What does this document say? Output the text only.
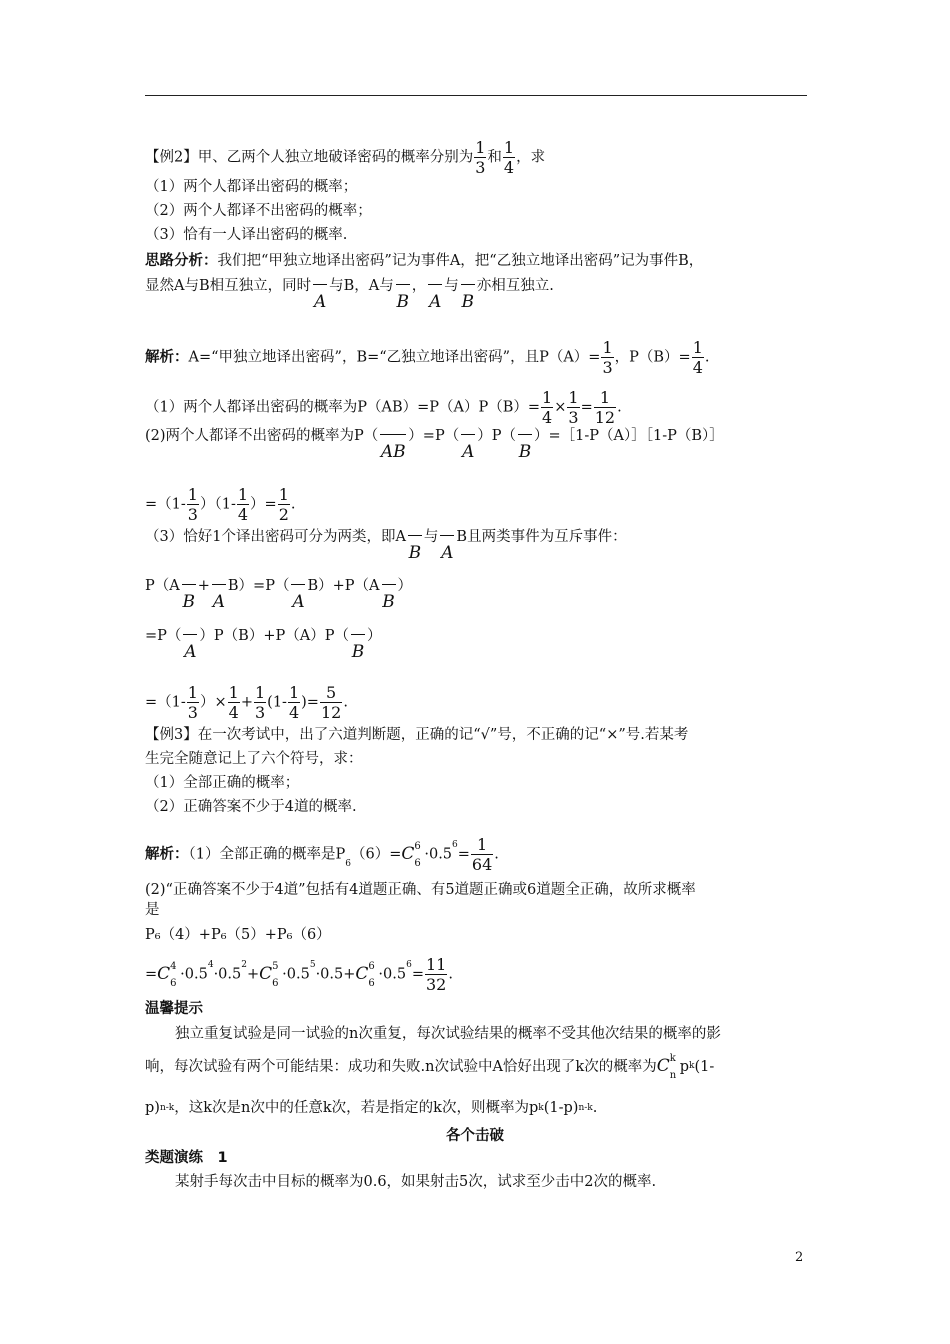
【例2】甲、乙两个人独立地破译密码的概率分别为 $\frac{1}{3}$ 和 $\frac{1}{4}$ ，求
（1）两个人都译出密码的概率；
（2）两个人都译不出密码的概率；
（3）恰有一人译出密码的概率.
思路分析：我们把“甲独立地译出密码”记为事件A，把“乙独立地译出密码”记为事件B，
显然A与B相互独立，同时
A
与B，A与
B
，
A
与
B
亦相互独立.
解析：A=“甲独立地译出密码”，B=“乙独立地译出密码”，且$P(A)= \frac{1}{3}$ ，$P(B)= \frac{1}{4}$ .
（1）两个人都译出密码的概率为$P(AB)=P(A)P(B)= \frac{1}{4} \times \frac{1}{3} = \frac{1}{12}$ .
(2)两个人都译不出密码的概率为P（
AB
）=P（
A
）P（
B
）=［1-P（A）］［1-P（B）］
$=(1- \frac{1}{3} )(1- \frac{1}{4}$ ）= $\frac{1}{2}$ .
（3）恰好1个译出密码可分为两类，即A
B
与
A
B且两类事件为互斥事件：
P（A
B
+
A
B）=P（
A
B）+P（A
B
）
=P（
A
）P（B）+P（A）P（
B
）
$=(1- \frac{1}{3}$ ）× $\frac{1}{4} + \frac{1}{3} (1- \frac{1}{4}$ )= $\frac{5}{12}$ .
【例3】在一次考试中，出了六道判断题，正确的记“√”号，不正确的记“×”号.若某考
生完全随意记上了六个符号，求：
（1）全部正确的概率；
（2）正确答案不少于4道的概率.
解析：（1）全部正确的概率是P6（6）=C 6
6
$\cdot 0.5^6= \frac{1}{64}$ .
(2)“正确答案不少于4道”包括有4道题正确、有5道题正确或6道题全正确，故所求概率
是
P₆（4）+P₆（5）+P₆（6）
=C 4
6
$\cdot 0.5^4\cdot 0.5^2+C$ 5
6
$\cdot 0.5^5\cdot 0.5+C$ 6
6
$\cdot 0.5^6= \frac{11}{32}$ .
温馨提示
独立重复试验是同一试验的n次重复，每次试验结果的概率不受其他次结果的概率的影
响，每次试验有两个可能结果：成功和失败.n次试验中A恰好出现了k次的概率为C k
n
$p^k(1-$
p)$^{n-k}$，这k次是n次中的任意k次，若是指定的k次，则概率为$p^k(1-p)^{n-k}$.
各个击破
类题演练　1
某射手每次击中目标的概率为0.6，如果射击5次，试求至少击中2次的概率.
2
